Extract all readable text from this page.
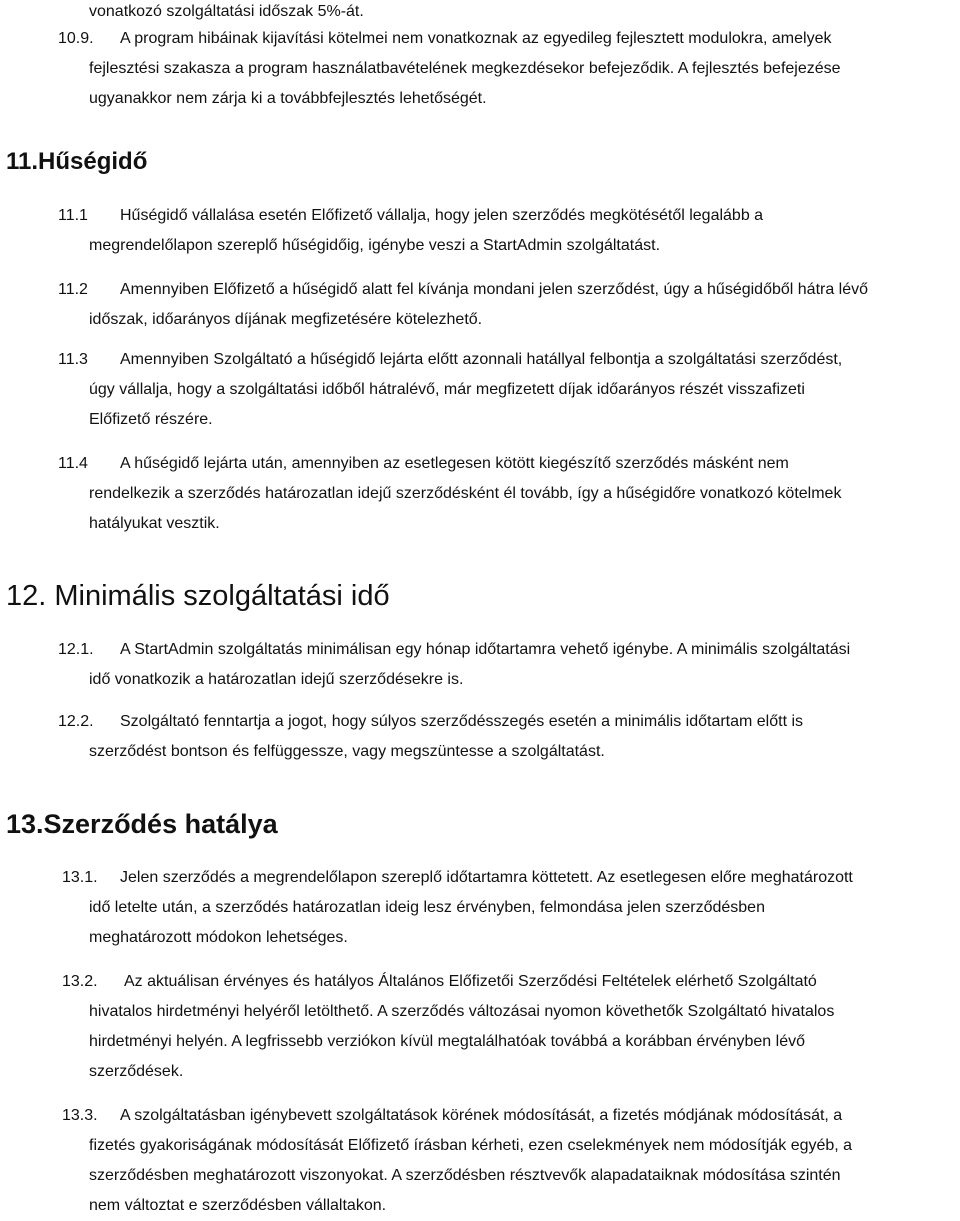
vonatkozó szolgáltatási időszak 5%-át.
10.9. A program hibáinak kijavítási kötelmei nem vonatkoznak az egyedileg fejlesztett modulokra, amelyek
fejlesztési szakasza a program használatbavételének megkezdésekor befejeződik. A fejlesztés befejezése
ugyanakkor nem zárja ki a továbbfejlesztés lehetőségét.
11.Hűségidő
11.1 Hűségidő vállalása esetén Előfizető vállalja, hogy jelen szerződés megkötésétől legalább a
megrendelőlapon szereplő hűségidőig, igénybe veszi a StartAdmin szolgáltatást.
11.2 Amennyiben Előfizető a hűségidő alatt fel kívánja mondani jelen szerződést, úgy a hűségidőből hátra lévő
időszak, időarányos díjának megfizetésére kötelezhető.
11.3 Amennyiben Szolgáltató a hűségidő lejárta előtt azonnali hatállyal felbontja a szolgáltatási szerződést,
úgy vállalja, hogy a szolgáltatási időből hátralévő, már megfizetett díjak időarányos részét visszafizeti
Előfizető részére.
11.4 A hűségidő lejárta után, amennyiben az esetlegesen kötött kiegészítő szerződés másként nem
rendelkezik a szerződés határozatlan idejű szerződésként él tovább, így a hűségidőre vonatkozó kötelmek
hatályukat vesztik.
12. Minimális szolgáltatási idő
12.1. A StartAdmin szolgáltatás minimálisan egy hónap időtartamra vehető igénybe. A minimális szolgáltatási
idő vonatkozik a határozatlan idejű szerződésekre is.
12.2. Szolgáltató fenntartja a jogot, hogy súlyos szerződésszegés esetén a minimális időtartam előtt is
szerződést bontson és felfüggessze, vagy megszüntesse a szolgáltatást.
13.Szerződés hatálya
13.1. Jelen szerződés a megrendelőlapon szereplő időtartamra köttetett. Az esetlegesen előre meghatározott
idő letelte után, a szerződés határozatlan ideig lesz érvényben, felmondása jelen szerződésben
meghatározott módokon lehetséges.
13.2. Az aktuálisan érvényes és hatályos Általános Előfizetői Szerződési Feltételek elérhető Szolgáltató
hivatalos hirdetményi helyéről letölthető. A szerződés változásai nyomon követhetők Szolgáltató hivatalos
hirdetményi helyén. A legfrissebb verziókon kívül megtalálhatóak továbbá a korábban érvényben lévő
szerződések.
13.3. A szolgáltatásban igénybevett szolgáltatások körének módosítását, a fizetés módjának módosítását, a
fizetés gyakoriságának módosítását Előfizető írásban kérheti, ezen cselekmények nem módosítják egyéb, a
szerződésben meghatározott viszonyokat. A szerződésben résztvevők alapadataiknak módosítása szintén
nem változtat e szerződésben vállaltakon.
